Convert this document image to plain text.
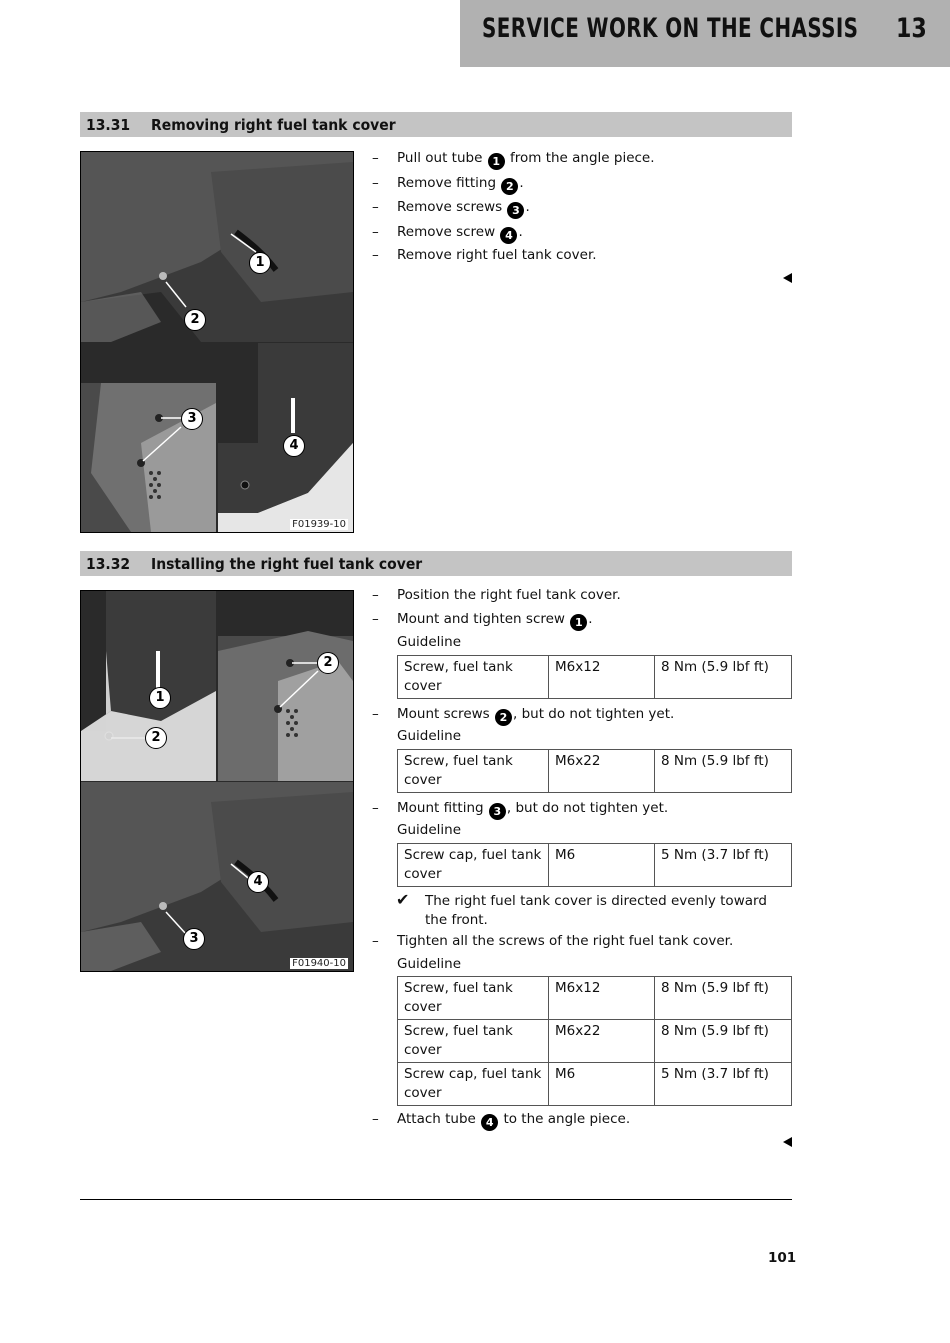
SERVICE WORK ON THE CHASSIS 13
13.31 Removing right fuel tank cover
1
2
3
4
F01939-10
– Pull out tube 1 from the angle piece.
– Remove fitting 2 .
– Remove screws 3 .
– Remove screw 4 .
– Remove right fuel tank cover.
13.32 Installing the right fuel tank cover
1
2
2
4
3
F01940-10
– Position the right fuel tank cover.
– Mount and tighten screw 1 .
Guideline
Screw, fuel tank cover	M6x12	8 Nm (5.9 lbf ft)
– Mount screws 2 , but do not tighten yet.
Guideline
Screw, fuel tank cover	M6x22	8 Nm (5.9 lbf ft)
– Mount fitting 3 , but do not tighten yet.
Guideline
Screw cap, fuel tank cover	M6	5 Nm (3.7 lbf ft)
✔ The right fuel tank cover is directed evenly toward the front.
– Tighten all the screws of the right fuel tank cover.
Guideline
Screw, fuel tank cover	M6x12	8 Nm (5.9 lbf ft)
Screw, fuel tank cover	M6x22	8 Nm (5.9 lbf ft)
Screw cap, fuel tank cover	M6	5 Nm (3.7 lbf ft)
– Attach tube 4 to the angle piece.
101
